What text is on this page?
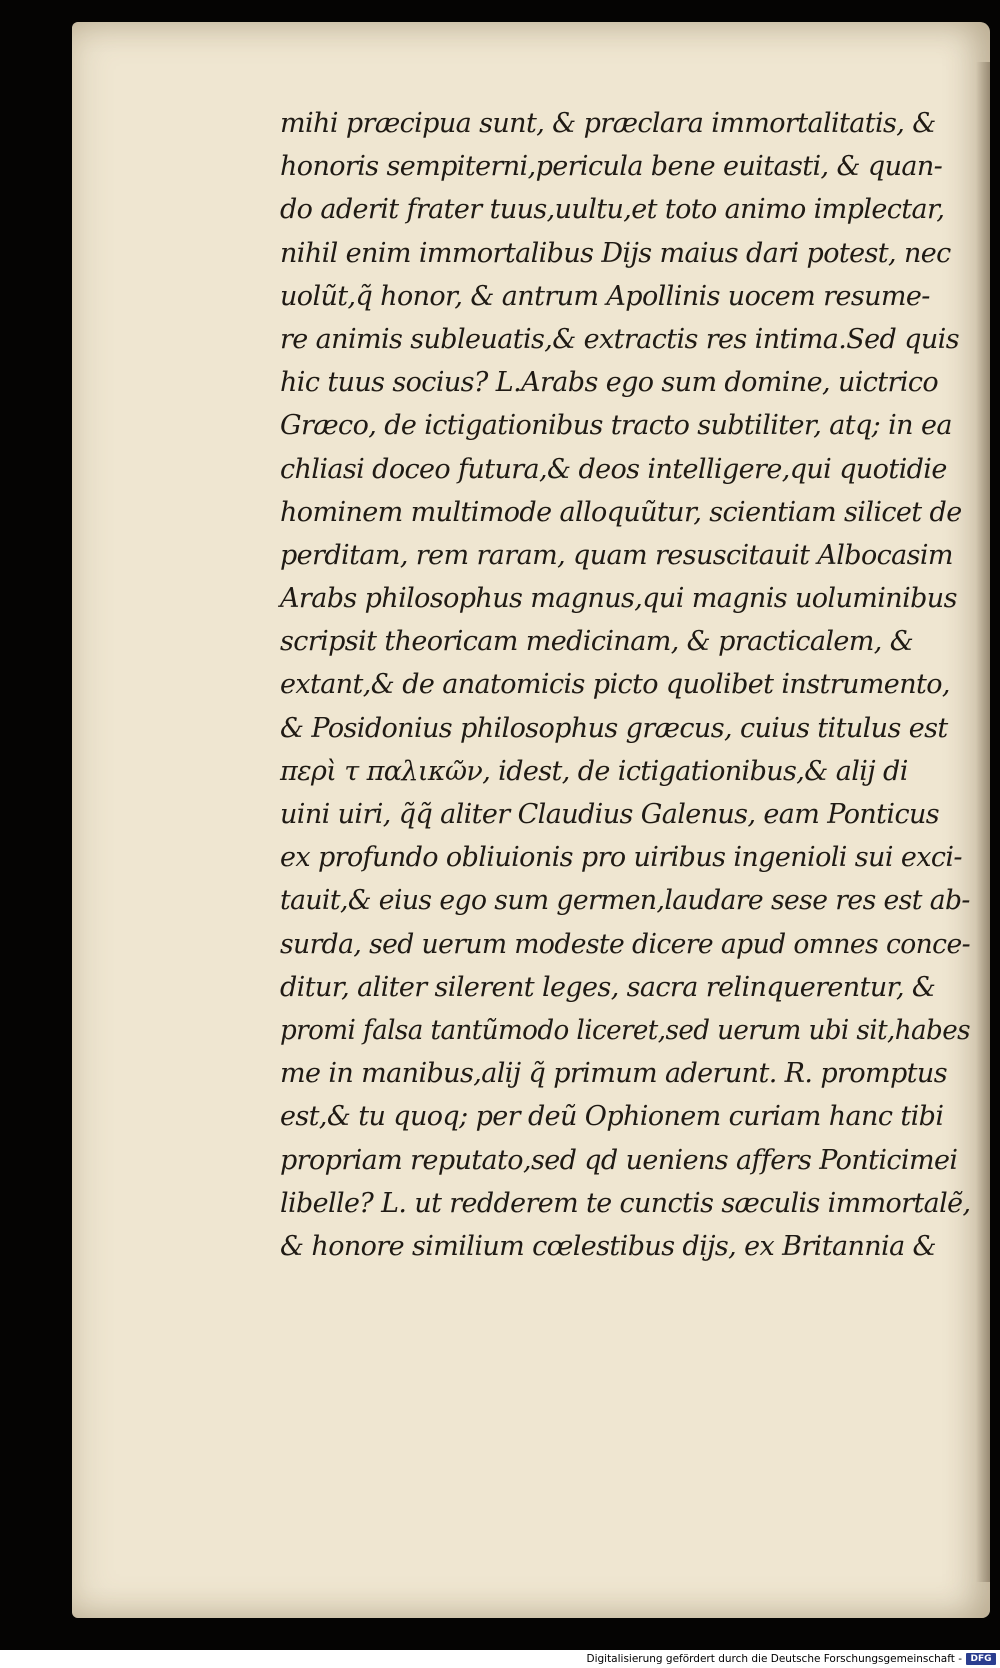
mihi præcipua sunt, & præclara immortalitatis, &
honoris sempiterni,pericula bene euitasti, & quan-
do aderit frater tuus,uultu,et toto animo implectar,
nihil enim immortalibus Dijs maius dari potest, nec
uolũt,q̃ honor, & antrum Apollinis uocem resume-
re animis subleuatis,& extractis res intima.Sed quis
hic tuus socius? L.Arabs ego sum domine, uictrico
Græco, de ictigationibus tracto subtiliter, atq; in ea
chliasi doceo futura,& deos intelligere,qui quotidie
hominem multimode alloquũtur, scientiam silicet de
perditam, rem raram, quam resuscitauit Albocasim
Arabs philosophus magnus,qui magnis uoluminibus
scripsit theoricam medicinam, & practicalem, &
extant,& de anatomicis picto quolibet instrumento,
& Posidonius philosophus græcus, cuius titulus est
περὶ τ παλικῶν, idest, de ictigationibus,& alij di
uini uiri, q̃q̃ aliter Claudius Galenus, eam Ponticus
ex profundo obliuionis pro uiribus ingenioli sui exci-
tauit,& eius ego sum germen,laudare sese res est ab-
surda, sed uerum modeste dicere apud omnes conce-
ditur, aliter silerent leges, sacra relinquerentur, &
promi falsa tantũmodo liceret,sed uerum ubi sit,habes
me in manibus,alij q̃ primum aderunt. R. promptus
est,& tu quoq; per deũ Ophionem curiam hanc tibi
propriam reputato,sed qd ueniens affers Ponticimei
libelle? L. ut redderem te cunctis sæculis immortalẽ,
& honore similium cœlestibus dijs, ex Britannia &
Digitalisierung gefördert durch die Deutsche Forschungsgemeinschaft - DFG
